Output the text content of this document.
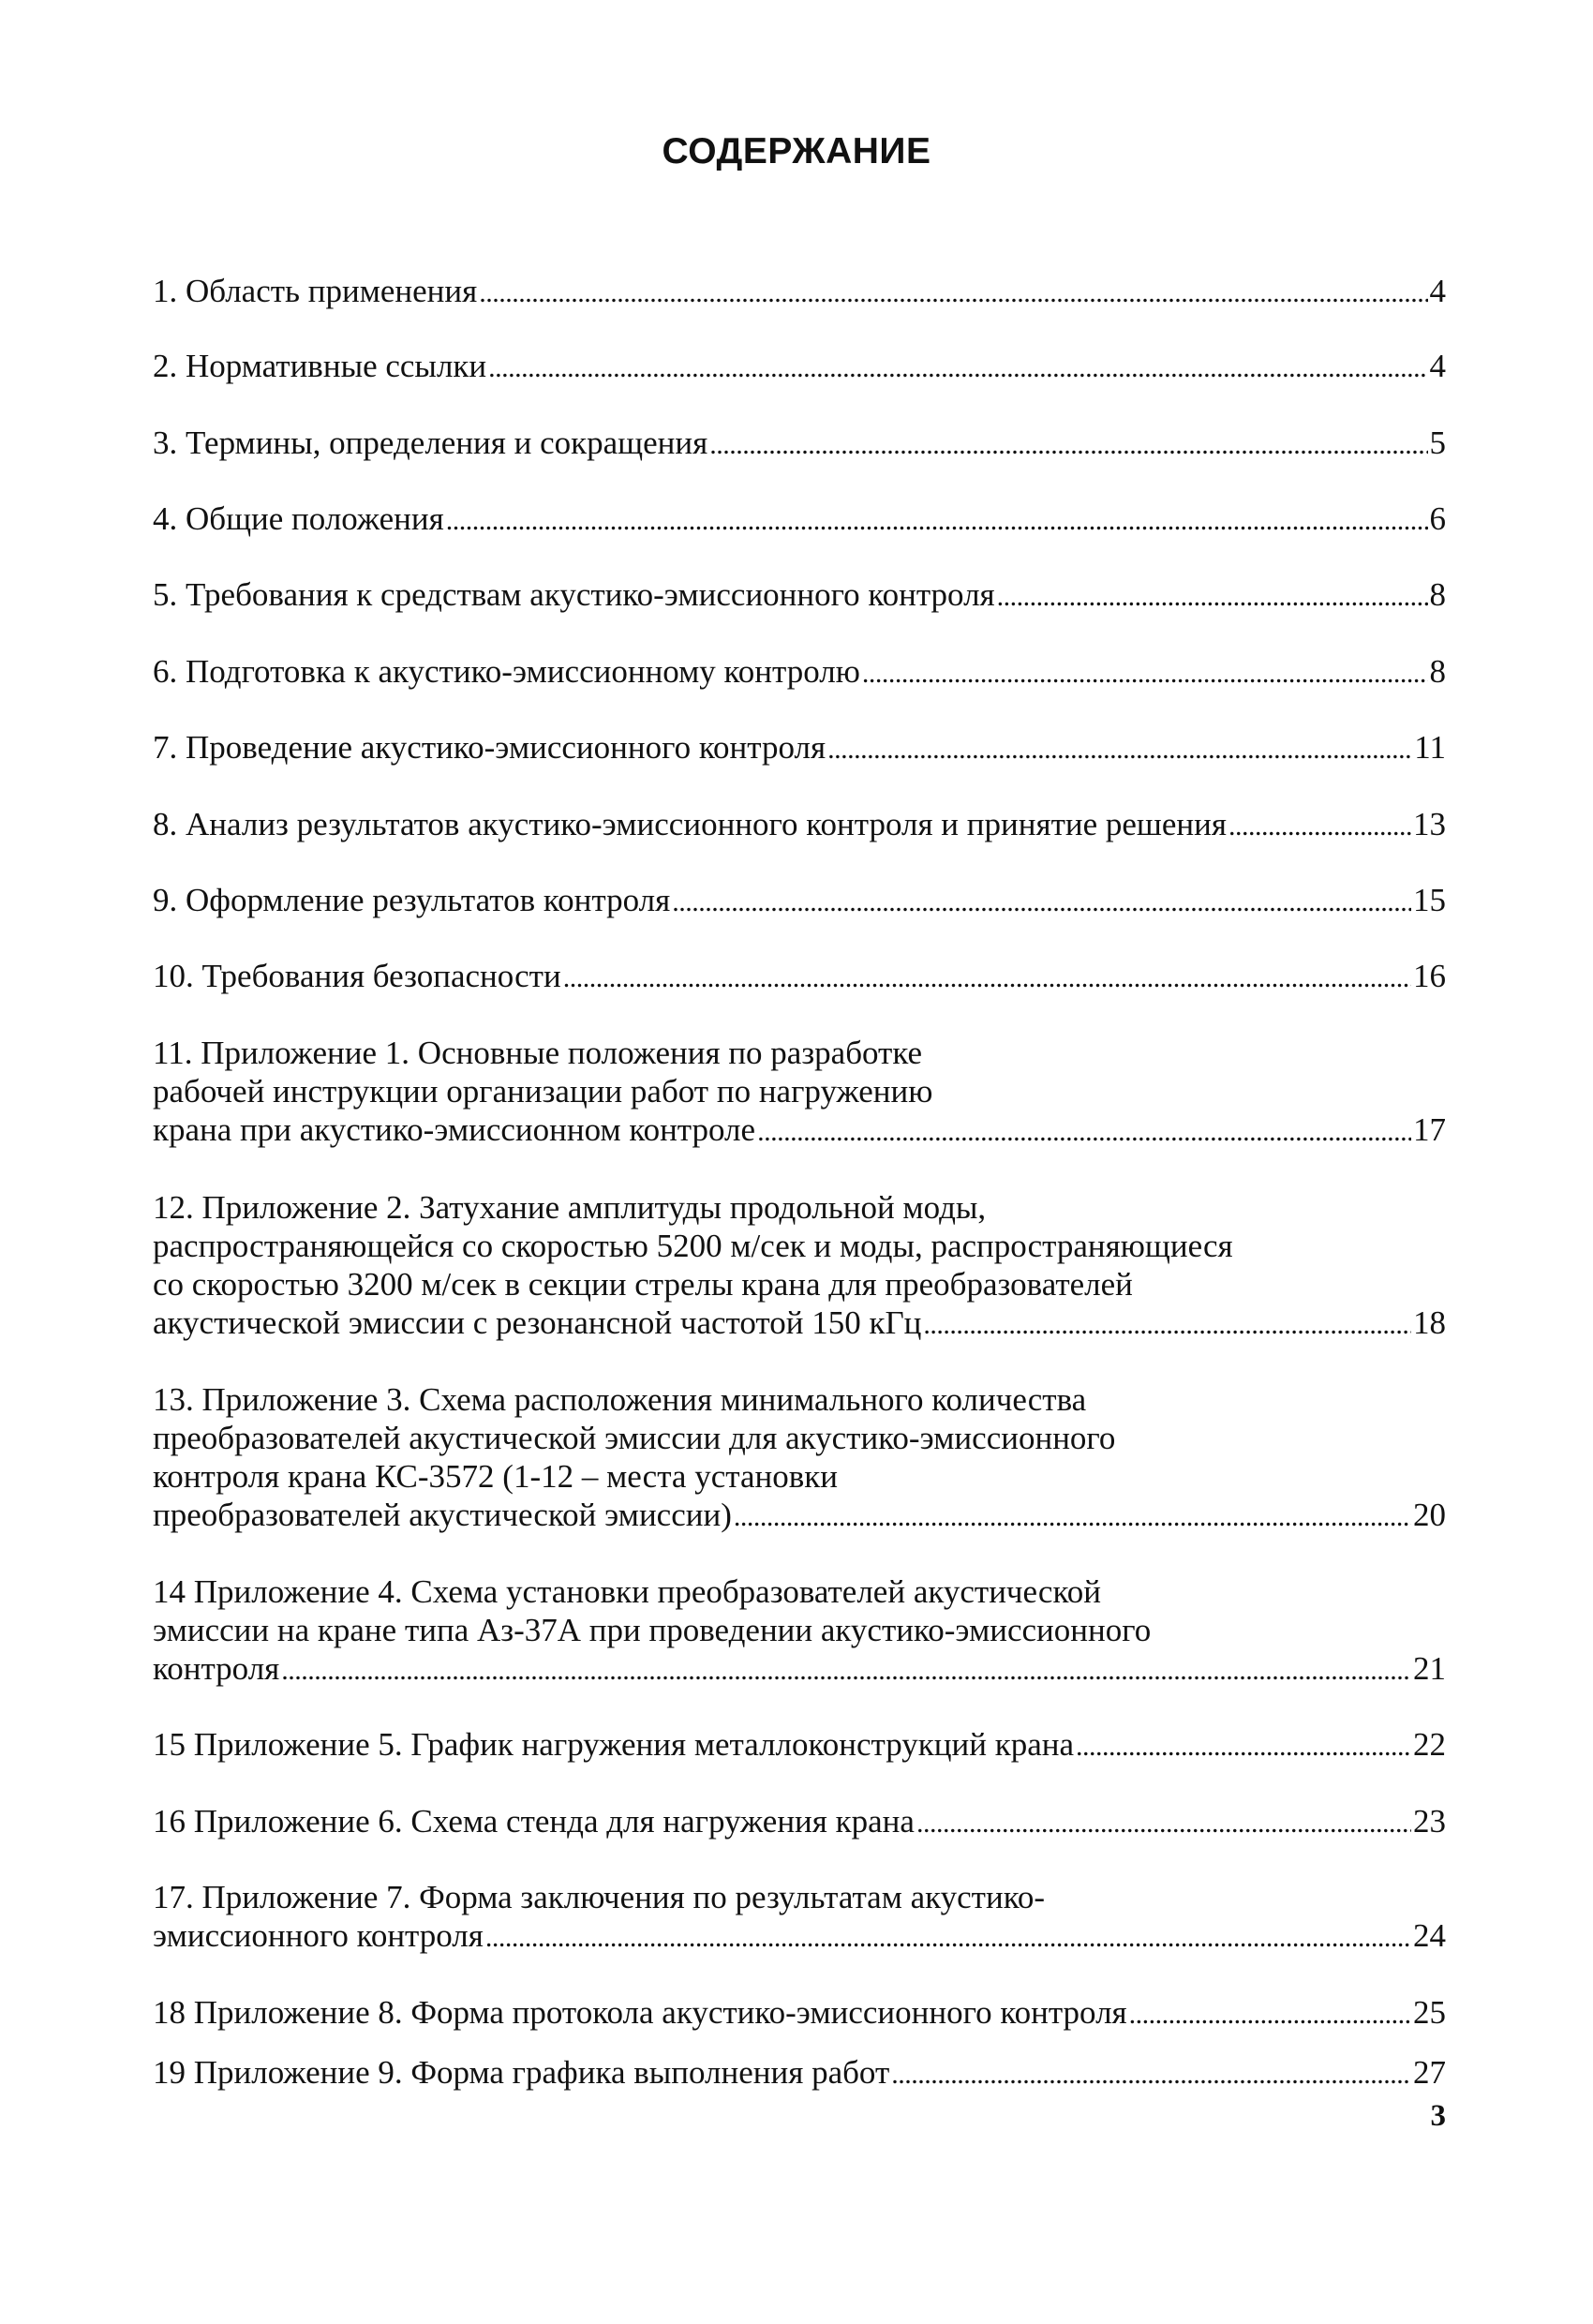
СОДЕРЖАНИЕ
1. Область применения . . .	4
2. Нормативные ссылки . . .	4
3. Термины, определения и сокращения . . .	5
4. Общие положения . . .	6
5. Требования к средствам акустико-эмиссионного контроля . . .	8
6. Подготовка к акустико-эмиссионному контролю . . .	8
7. Проведение акустико-эмиссионного контроля . . .	11
8. Анализ результатов акустико-эмиссионного контроля и принятие решения . . .	13
9. Оформление результатов контроля . . .	15
10. Требования безопасности . . .	16
11. Приложение 1. Основные положения по разработке
рабочей инструкции организации работ по нагружению
крана при акустико-эмиссионном контроле . . .	17
12. Приложение 2. Затухание амплитуды продольной моды,
распространяющейся со скоростью 5200 м/сек и моды, распространяющиеся
со скоростью 3200 м/сек в секции стрелы крана для преобразователей
акустической эмиссии с резонансной частотой 150 кГц . . .	18
13. Приложение 3. Схема расположения минимального количества
преобразователей акустической эмиссии для акустико-эмиссионного
контроля крана КС-3572 (1-12 – места установки
преобразователей акустической эмиссии) . . .	20
14 Приложение 4. Схема установки преобразователей акустической
эмиссии на кране типа Аз-37А при проведении акустико-эмиссионного
контроля . . .	21
15 Приложение 5. График нагружения металлоконструкций крана . . .	22
16 Приложение 6. Схема стенда для нагружения крана . . .	23
17. Приложение 7. Форма заключения по результатам акустико-
эмиссионного контроля . . .	24
18 Приложение 8. Форма протокола акустико-эмиссионного контроля . . .	25
19 Приложение 9. Форма графика выполнения работ . . .	27
3
